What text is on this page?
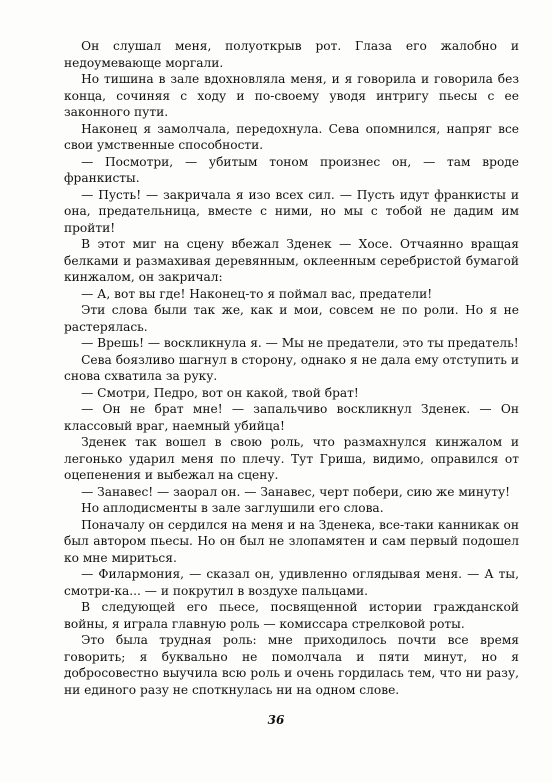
Он слушал меня, полуоткрыв рот. Глаза его жалобно и недоумевающе моргали.

Но тишина в зале вдохновляла меня, и я говорила и говорила без конца, сочиняя с ходу и по-своему уводя интригу пьесы с ее законного пути.

Наконец я замолчала, передохнула. Сева опомнился, напряг все свои умственные способности.

— Посмотри, — убитым тоном произнес он, — там вроде франкисты.

— Пусть! — закричала я изо всех сил. — Пусть идут франкисты и она, предательница, вместе с ними, но мы с тобой не дадим им пройти!

В этот миг на сцену вбежал Зденек — Хосе. Отчаянно вращая белками и размахивая деревянным, оклеенным серебристой бумагой кинжалом, он закричал:

— А, вот вы где! Наконец-то я поймал вас, предатели!

Эти слова были так же, как и мои, совсем не по роли. Но я не растерялась.

— Врешь! — воскликнула я. — Мы не предатели, это ты предатель!

Сева боязливо шагнул в сторону, однако я не дала ему отступить и снова схватила за руку.

— Смотри, Педро, вот он какой, твой брат!

— Он не брат мне! — запальчиво воскликнул Зденек. — Он классовый враг, наемный убийца!

Зденек так вошел в свою роль, что размахнулся кинжалом и легонько ударил меня по плечу. Тут Гриша, видимо, оправился от оцепенения и выбежал на сцену.

— Занавес! — заорал он. — Занавес, черт побери, сию же минуту!

Но аплодисменты в зале заглушили его слова.

Поначалу он сердился на меня и на Зденека, все-таки канникак он был автором пьесы. Но он был не злопамятен и сам первый подошел ко мне мириться.

— Филармония, — сказал он, удивленно оглядывая меня. — А ты, смотри-ка... — и покрутил в воздухе пальцами.

В следующей его пьесе, посвященной истории гражданской войны, я играла главную роль — комиссара стрелковой роты.

Это была трудная роль: мне приходилось почти все время говорить; я буквально не помолчала и пяти минут, но я добросовестно выучила всю роль и очень гордилась тем, что ни разу, ни единого разу не споткнулась ни на одном слове.

36
